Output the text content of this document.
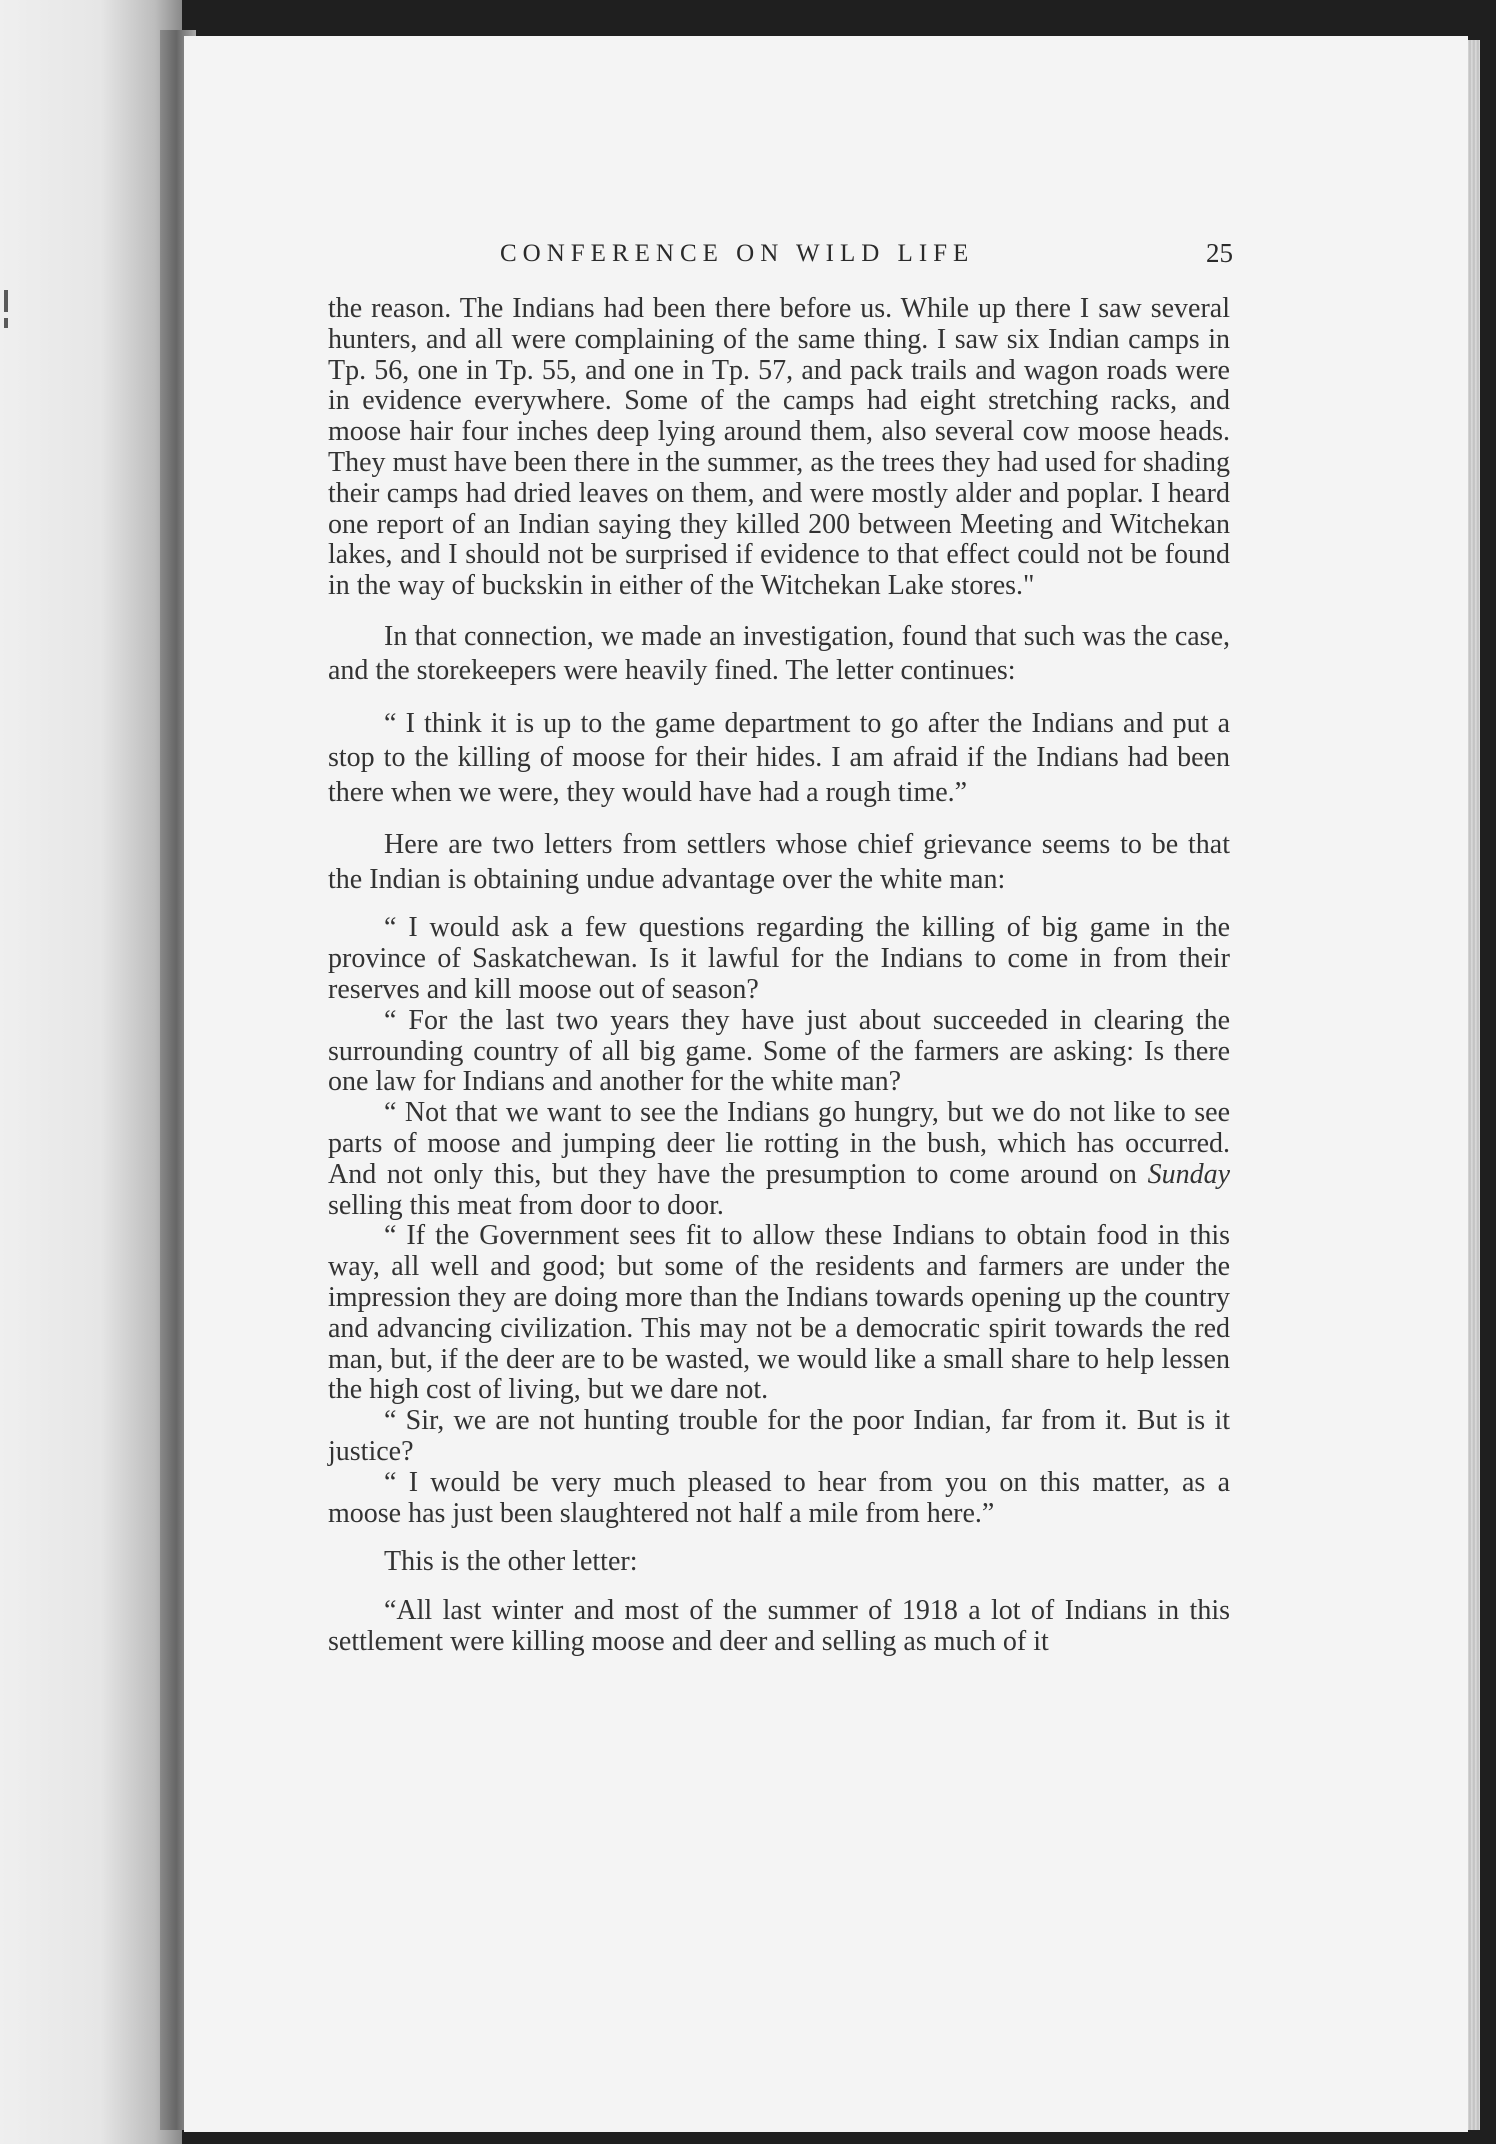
CONFERENCE ON WILD LIFE	25

the reason. The Indians had been there before us. While up there I saw several hunters, and all were complaining of the same thing. I saw six Indian camps in Tp. 56, one in Tp. 55, and one in Tp. 57, and pack trails and wagon roads were in evidence everywhere. Some of the camps had eight stretching racks, and moose hair four inches deep lying around them, also several cow moose heads. They must have been there in the summer, as the trees they had used for shading their camps had dried leaves on them, and were mostly alder and poplar. I heard one report of an Indian saying they killed 200 between Meeting and Witchekan lakes, and I should not be surprised if evidence to that effect could not be found in the way of buckskin in either of the Witchekan Lake stores."

In that connection, we made an investigation, found that such was the case, and the storekeepers were heavily fined. The letter continues:

“ I think it is up to the game department to go after the Indians and put a stop to the killing of moose for their hides. I am afraid if the Indians had been there when we were, they would have had a rough time.”

Here are two letters from settlers whose chief grievance seems to be that the Indian is obtaining undue advantage over the white man:

“ I would ask a few questions regarding the killing of big game in the province of Saskatchewan. Is it lawful for the Indians to come in from their reserves and kill moose out of season?

“ For the last two years they have just about succeeded in clearing the surrounding country of all big game. Some of the farmers are asking: Is there one law for Indians and another for the white man?

“ Not that we want to see the Indians go hungry, but we do not like to see parts of moose and jumping deer lie rotting in the bush, which has occurred. And not only this, but they have the presumption to come around on Sunday selling this meat from door to door.

“ If the Government sees fit to allow these Indians to obtain food in this way, all well and good; but some of the residents and farmers are under the impression they are doing more than the Indians towards opening up the country and advancing civilization. This may not be a democratic spirit towards the red man, but, if the deer are to be wasted, we would like a small share to help lessen the high cost of living, but we dare not.

“ Sir, we are not hunting trouble for the poor Indian, far from it. But is it justice?

“ I would be very much pleased to hear from you on this matter, as a moose has just been slaughtered not half a mile from here.”

This is the other letter:

“All last winter and most of the summer of 1918 a lot of Indians in this settlement were killing moose and deer and selling as much of it
